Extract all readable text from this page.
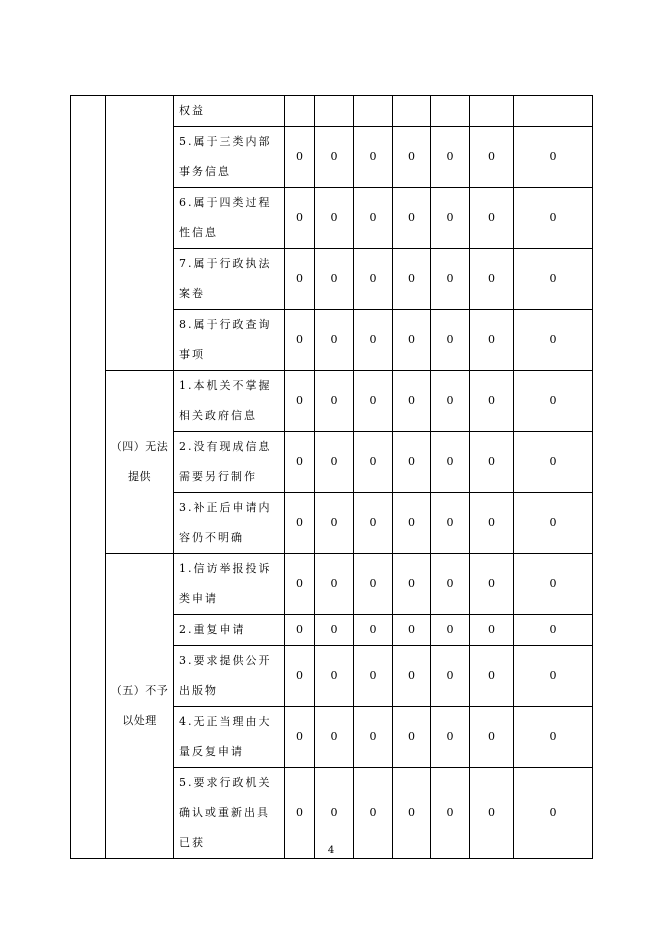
		权益							
		5.属于三类内部事务信息	0	0	0	0	0	0	0
		6.属于四类过程性信息	0	0	0	0	0	0	0
		7.属于行政执法案卷	0	0	0	0	0	0	0
		8.属于行政查询事项	0	0	0	0	0	0	0
	（四）无法提供	1.本机关不掌握相关政府信息	0	0	0	0	0	0	0
		2.没有现成信息需要另行制作	0	0	0	0	0	0	0
		3.补正后申请内容仍不明确	0	0	0	0	0	0	0
	（五）不予以处理	1.信访举报投诉类申请	0	0	0	0	0	0	0
		2.重复申请	0	0	0	0	0	0	0
		3.要求提供公开出版物	0	0	0	0	0	0	0
		4.无正当理由大量反复申请	0	0	0	0	0	0	0
		5.要求行政机关确认或重新出具已获	0	0	0	0	0	0	0
4
